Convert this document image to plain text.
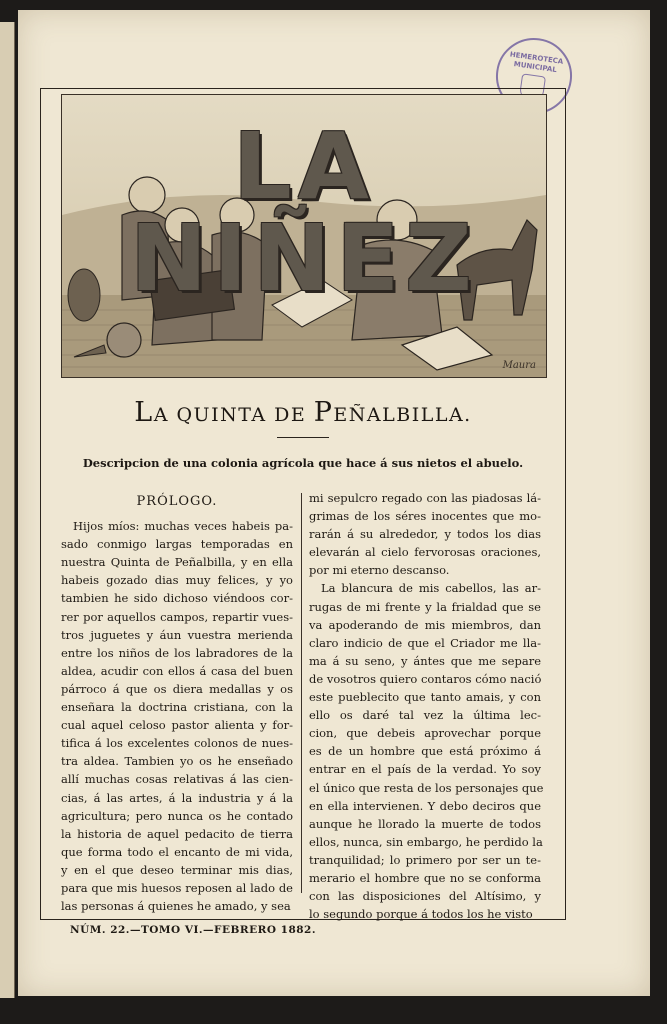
HEMEROTECA MUNICIPAL
LA NIÑEZ
Maura
LA QUINTA DE PEÑALBILLA.
Descripcion de una colonia agrícola que hace á sus nietos el abuelo.
PRÓLOGO.
Hijos míos: muchas veces habeis pa-
sado conmigo largas temporadas en
nuestra Quinta de Peñalbilla, y en ella
habeis gozado dias muy felices, y yo
tambien he sido dichoso viéndoos cor-
rer por aquellos campos, repartir vues-
tros juguetes y áun vuestra merienda
entre los niños de los labradores de la
aldea, acudir con ellos á casa del buen
párroco á que os diera medallas y os
enseñara la doctrina cristiana, con la
cual aquel celoso pastor alienta y for-
tifica á los excelentes colonos de nues-
tra aldea. Tambien yo os he enseñado
allí muchas cosas relativas á las cien-
cias, á las artes, á la industria y á la
agricultura; pero nunca os he contado
la historia de aquel pedacito de tierra
que forma todo el encanto de mi vida,
y en el que deseo terminar mis dias,
para que mis huesos reposen al lado de
las personas á quienes he amado, y sea
mi sepulcro regado con las piadosas lá-
grimas de los séres inocentes que mo-
rarán á su alrededor, y todos los dias
elevarán al cielo fervorosas oraciones,
por mi eterno descanso.
La blancura de mis cabellos, las ar-
rugas de mi frente y la frialdad que se
va apoderando de mis miembros, dan
claro indicio de que el Criador me lla-
ma á su seno, y ántes que me separe
de vosotros quiero contaros cómo nació
este pueblecito que tanto amais, y con
ello os daré tal vez la última lec-
cion, que debeis aprovechar porque
es de un hombre que está próximo á
entrar en el país de la verdad. Yo soy
el único que resta de los personajes que
en ella intervienen. Y debo deciros que
aunque he llorado la muerte de todos
ellos, nunca, sin embargo, he perdido la
tranquilidad; lo primero por ser un te-
merario el hombre que no se conforma
con las disposiciones del Altísimo, y
lo segundo porque á todos los he visto
NÚM. 22.—TOMO VI.—FEBRERO 1882.
